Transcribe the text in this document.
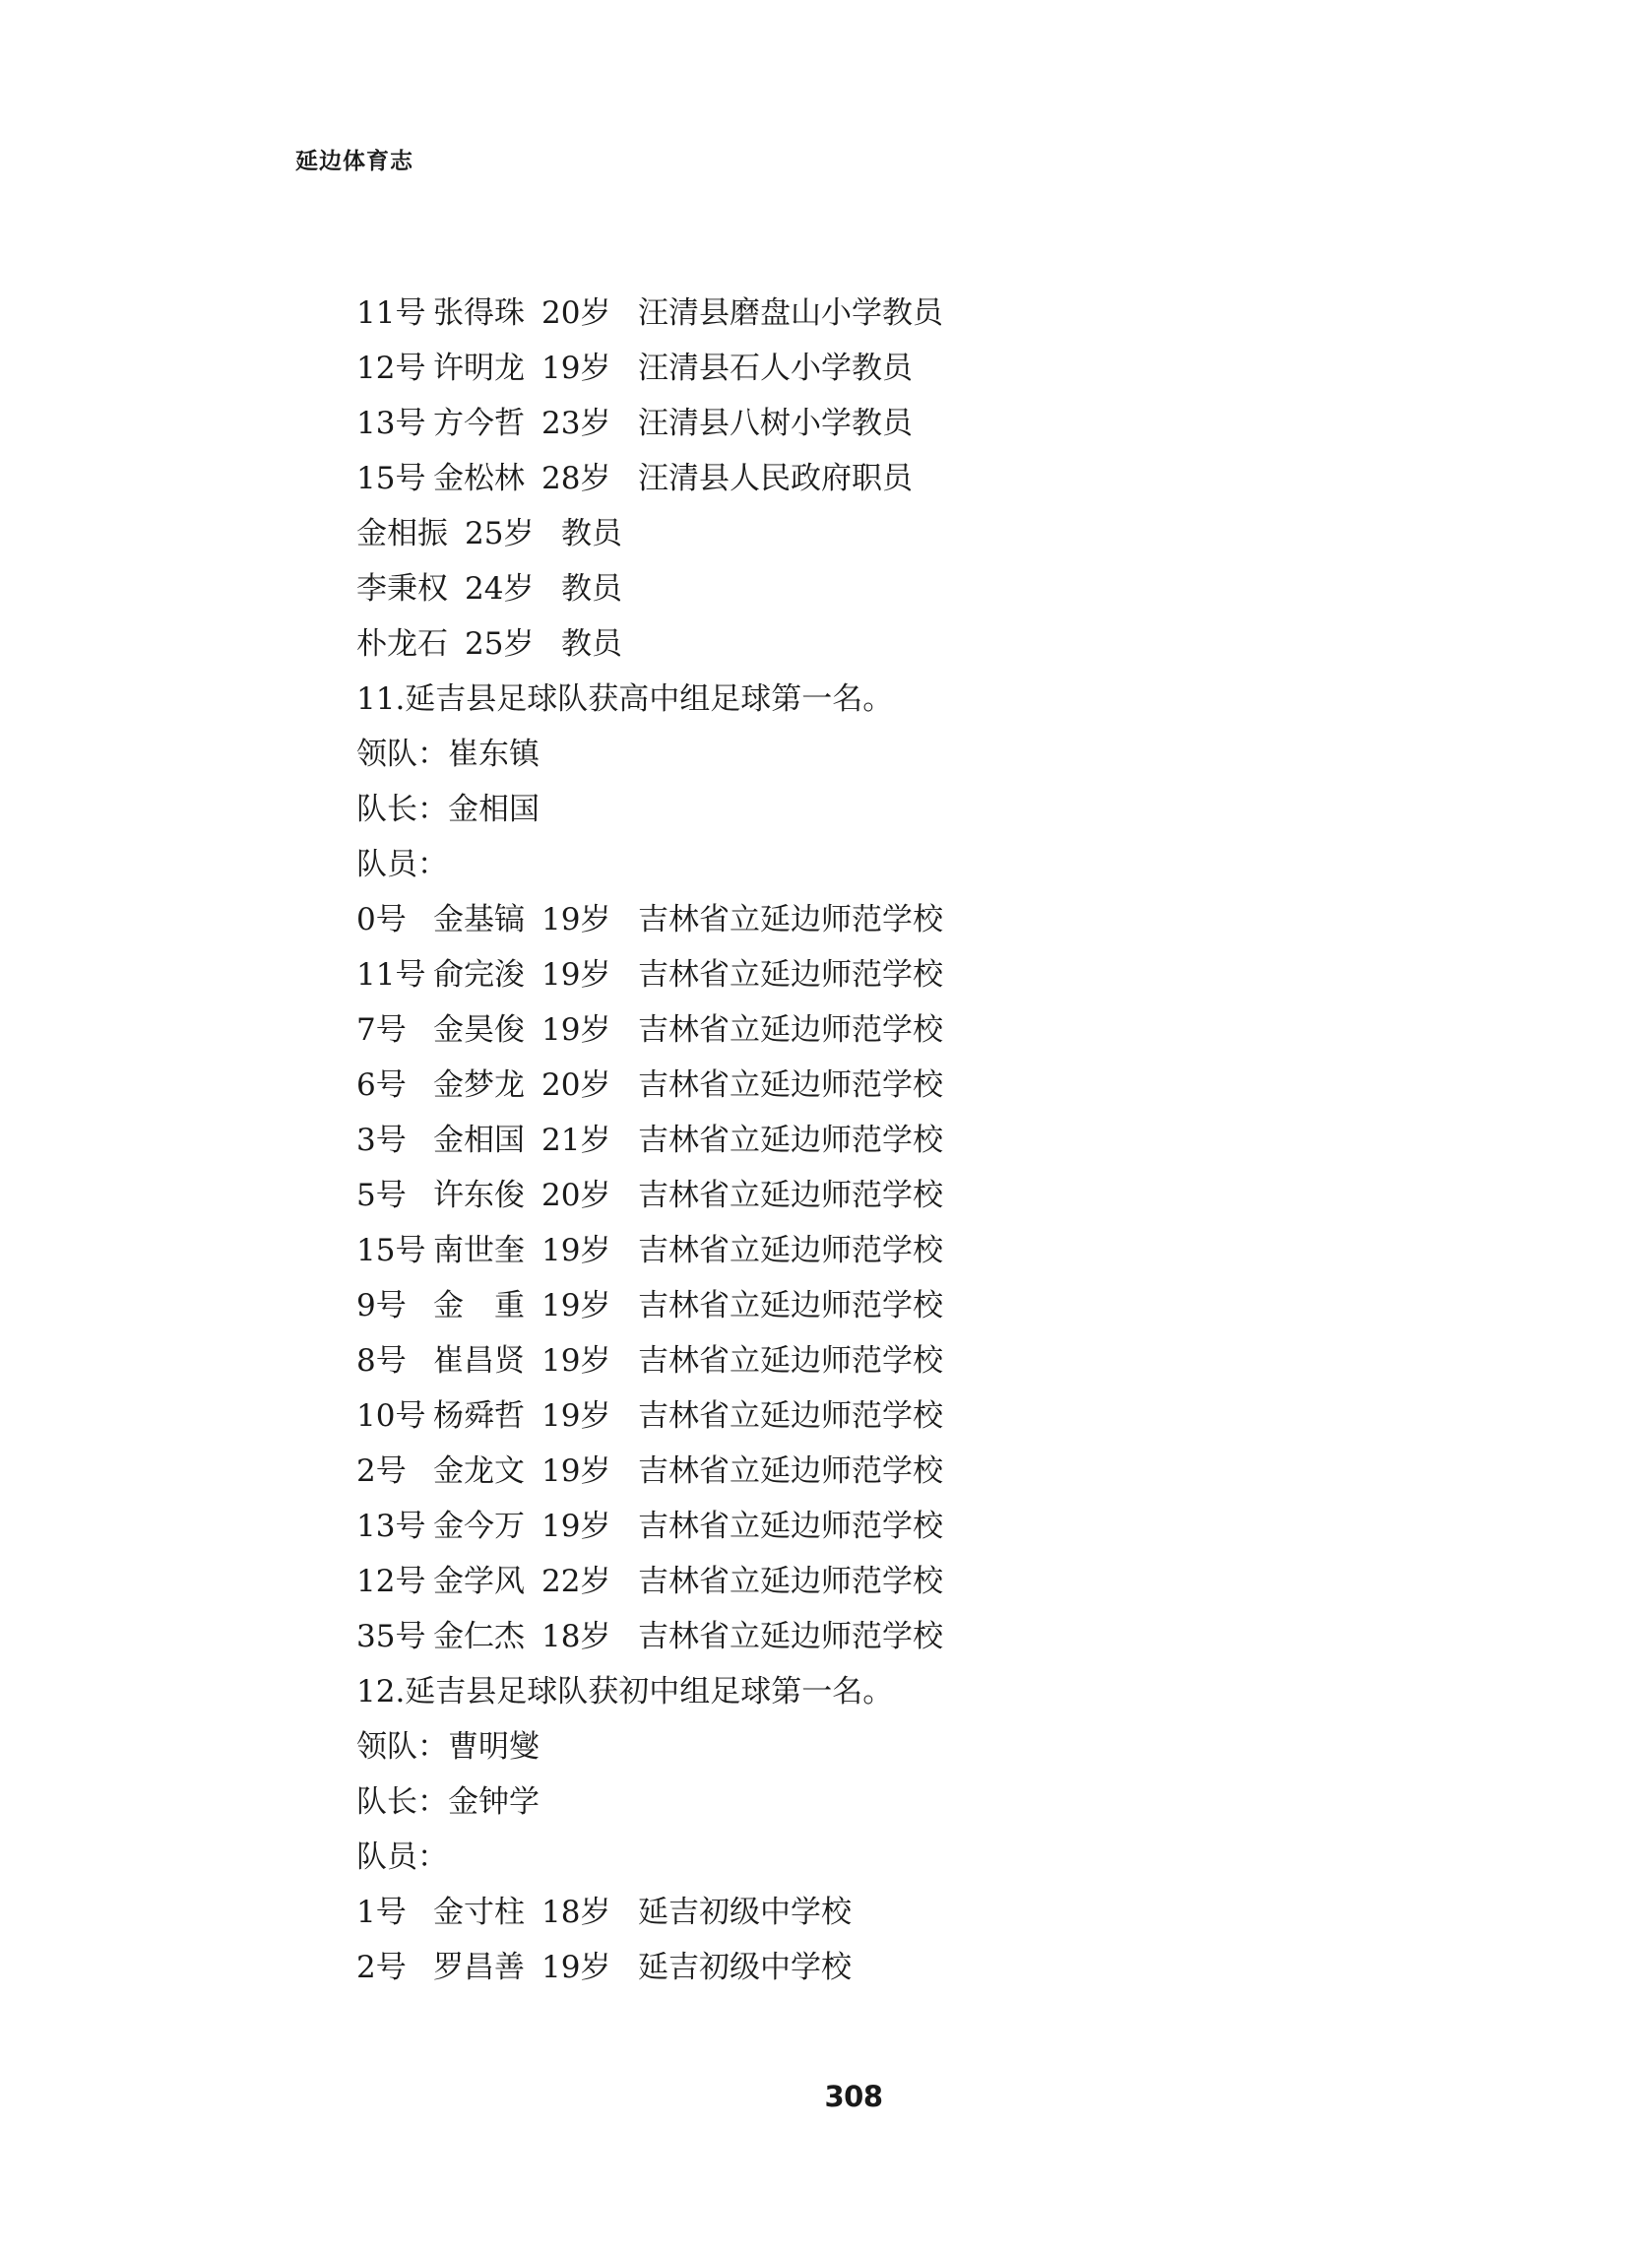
延边体育志
11号 张得珠 20岁 汪清县磨盘山小学教员
12号 许明龙 19岁 汪清县石人小学教员
13号 方今哲 23岁 汪清县八树小学教员
15号 金松林 28岁 汪清县人民政府职员
金相振 25岁 教员
李秉权 24岁 教员
朴龙石 25岁 教员
11.延吉县足球队获高中组足球第一名。
领队：崔东镇
队长：金相国
队员：
0号 金基镐 19岁 吉林省立延边师范学校
11号 俞完浚 19岁 吉林省立延边师范学校
7号 金昊俊 19岁 吉林省立延边师范学校
6号 金梦龙 20岁 吉林省立延边师范学校
3号 金相国 21岁 吉林省立延边师范学校
5号 许东俊 20岁 吉林省立延边师范学校
15号 南世奎 19岁 吉林省立延边师范学校
9号 金　重 19岁 吉林省立延边师范学校
8号 崔昌贤 19岁 吉林省立延边师范学校
10号 杨舜哲 19岁 吉林省立延边师范学校
2号 金龙文 19岁 吉林省立延边师范学校
13号 金今万 19岁 吉林省立延边师范学校
12号 金学风 22岁 吉林省立延边师范学校
35号 金仁杰 18岁 吉林省立延边师范学校
12.延吉县足球队获初中组足球第一名。
领队：曹明燮
队长：金钟学
队员：
1号 金寸柱 18岁 延吉初级中学校
2号 罗昌善 19岁 延吉初级中学校
308
